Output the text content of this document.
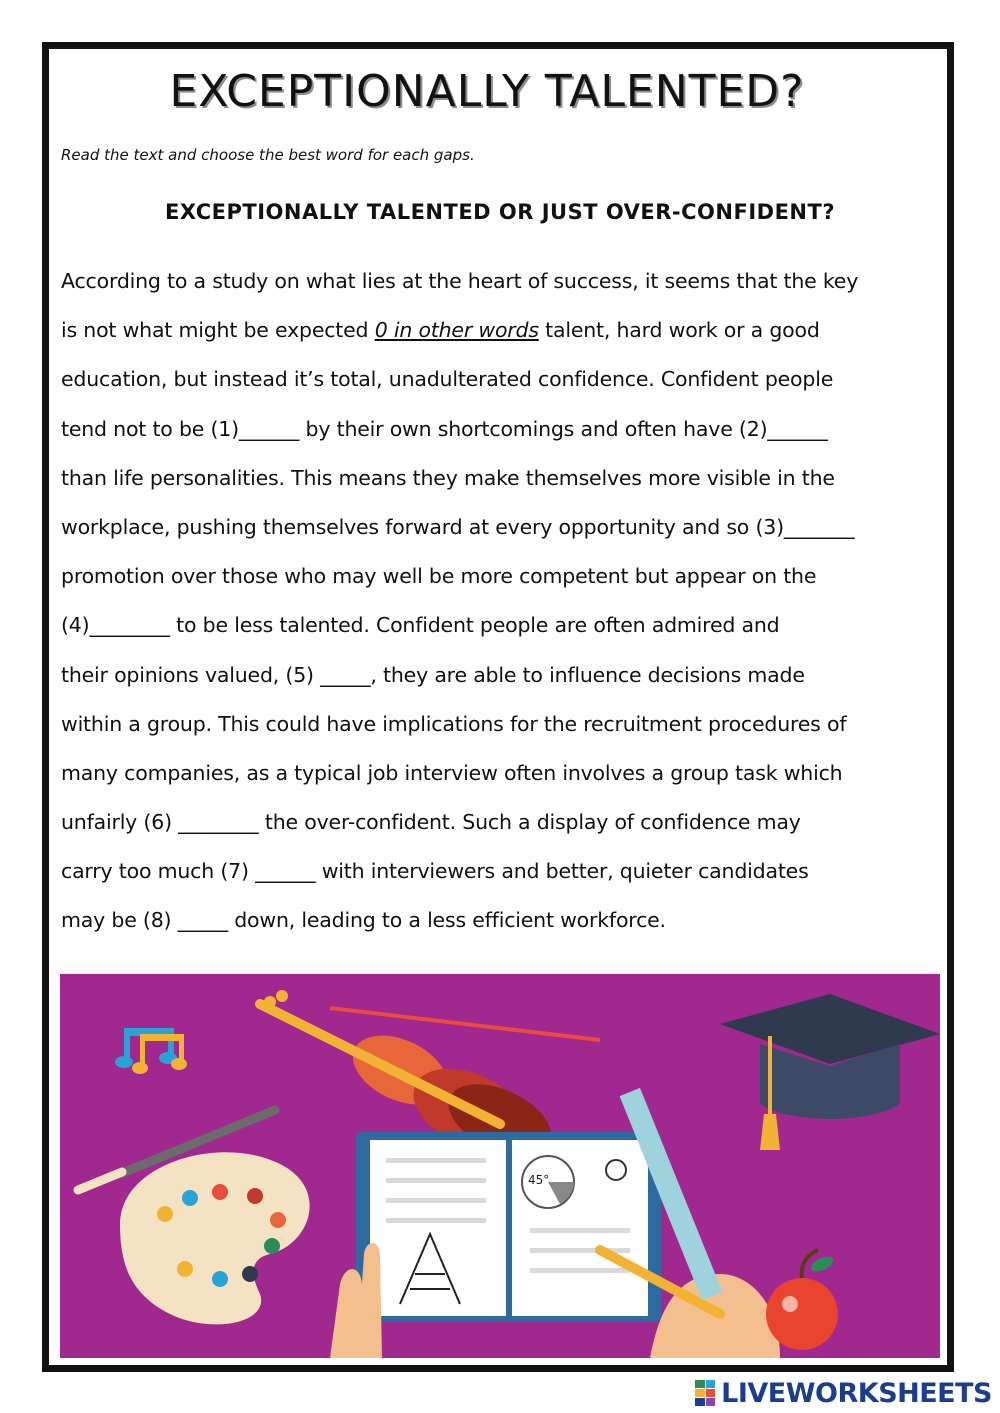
EXCEPTIONALLY TALENTED?
Read the text and choose the best word for each gaps.
EXCEPTIONALLY TALENTED OR JUST OVER-CONFIDENT?
According to a study on what lies at the heart of success, it seems that the key
is not what might be expected 0 in other words talent, hard work or a good
education, but instead it’s total, unadulterated confidence. Confident people
tend not to be (1)______ by their own shortcomings and often have (2)______
than life personalities. This means they make themselves more visible in the
workplace, pushing themselves forward at every opportunity and so (3)_______
promotion over those who may well be more competent but appear on the
(4)________ to be less talented. Confident people are often admired and
their opinions valued, (5) _____, they are able to influence decisions made
within a group. This could have implications for the recruitment procedures of
many companies, as a typical job interview often involves a group task which
unfairly (6) ________ the over-confident. Such a display of confidence may
carry too much (7) ______ with interviewers and better, quieter candidates
may be (8) _____ down, leading to a less efficient workforce.
45°
LIVEWORKSHEETS
